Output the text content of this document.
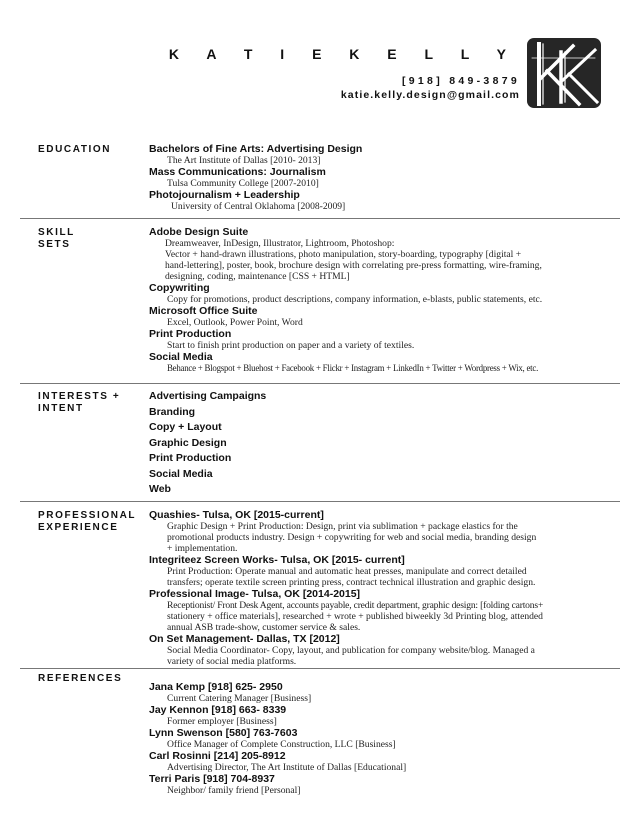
K A T I E K E L L Y
[918] 849-3879
katie.kelly.design@gmail.com
EDUCATION	Bachelors of Fine Arts: Advertising Design
The Art Institute of Dallas [2010- 2013]
Mass Communications: Journalism
Tulsa Community College [2007-2010]
Photojournalism + Leadership
University of Central Oklahoma [2008-2009]
SKILL
SETS
Adobe Design Suite
Dreamweaver, InDesign, Illustrator, Lightroom, Photoshop:
Vector + hand-drawn illustrations, photo manipulation, story-boarding, typography [digital +
hand-lettering], poster, book, brochure design with correlating pre-press formatting, wire-framing,
designing, coding, maintenance [CSS + HTML]
Copywriting
Copy for promotions, product descriptions, company information, e-blasts, public statements, etc.
Microsoft Office Suite
Excel, Outlook, Power Point, Word
Print Production
Start to finish print production on paper and a variety of textiles.
Social Media
Behance + Blogspot + Bluehost + Facebook + Flickr + Instagram + LinkedIn + Twitter + Wordpress + Wix, etc.
INTERESTS +
INTENT
Advertising Campaigns
Branding
Copy + Layout
Graphic Design
Print Production
Social Media
Web
PROFESSIONAL
EXPERIENCE
Quashies- Tulsa, OK [2015-current]
Graphic Design + Print Production: Design, print via sublimation + package elastics for the
promotional products industry. Design + copywriting for web and social media, branding design
+ implementation.
Integriteez Screen Works- Tulsa, OK [2015- current]
Print Production: Operate manual and automatic heat presses, manipulate and correct detailed
transfers; operate textile screen printing press, contract technical illustration and graphic design.
Professional Image- Tulsa, OK [2014-2015]
Receptionist/ Front Desk Agent, accounts payable, credit department, graphic design: [folding cartons+
stationery + office materials], researched + wrote + published biweekly 3d Printing blog, attended
annual ASB trade-show, customer service & sales.
On Set Management- Dallas, TX [2012]
Social Media Coordinator- Copy, layout, and publication for company website/blog. Managed a
variety of social media platforms.
REFERENCES
Jana Kemp [918] 625- 2950
Current Catering Manager [Business]
Jay Kennon [918] 663- 8339
Former employer [Business]
Lynn Swenson [580] 763-7603
Office Manager of Complete Construction, LLC [Business]
Carl Rosinni [214] 205-8912
Advertising Director, The Art Institute of Dallas [Educational]
Terri Paris [918] 704-8937
Neighbor/ family friend [Personal]
